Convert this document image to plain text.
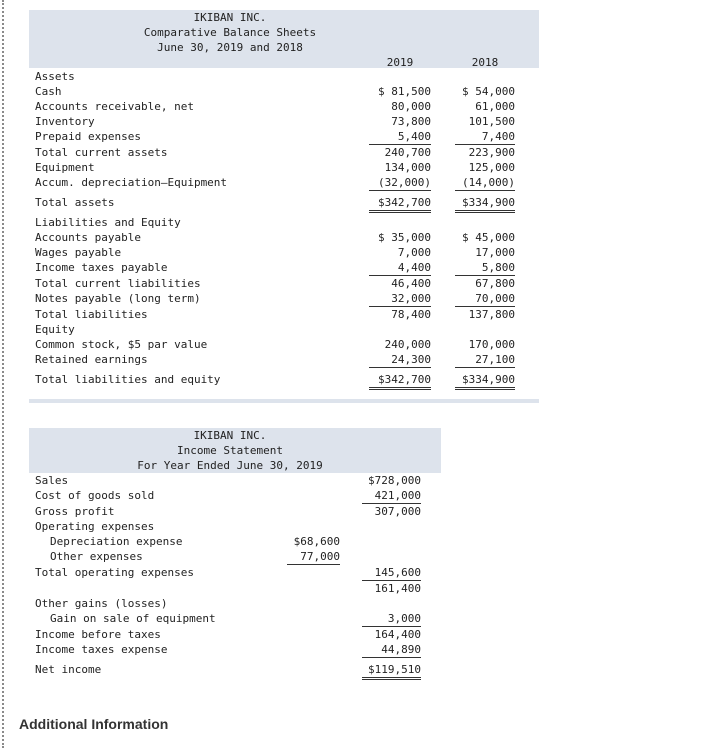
IKIBAN INC.
Comparative Balance Sheets
June 30, 2019 and 2018
2019	2018
Assets
Cash	$ 81,500	$ 54,000
Accounts receivable, net	80,000	61,000
Inventory	73,800	101,500
Prepaid expenses	5,400	7,400
Total current assets	240,700	223,900
Equipment	134,000	125,000
Accum. depreciation—Equipment	(32,000)	(14,000)
Total assets	$342,700	$334,900
Liabilities and Equity
Accounts payable	$ 35,000	$ 45,000
Wages payable	7,000	17,000
Income taxes payable	4,400	5,800
Total current liabilities	46,400	67,800
Notes payable (long term)	32,000	70,000
Total liabilities	78,400	137,800
Equity
Common stock, $5 par value	240,000	170,000
Retained earnings	24,300	27,100
Total liabilities and equity	$342,700	$334,900
IKIBAN INC.
Income Statement
For Year Ended June 30, 2019
Sales	$728,000
Cost of goods sold	421,000
Gross profit	307,000
Operating expenses
Depreciation expense	$68,600
Other expenses	77,000
Total operating expenses	145,600
161,400
Other gains (losses)
Gain on sale of equipment	3,000
Income before taxes	164,400
Income taxes expense	44,890
Net income	$119,510
Additional Information
